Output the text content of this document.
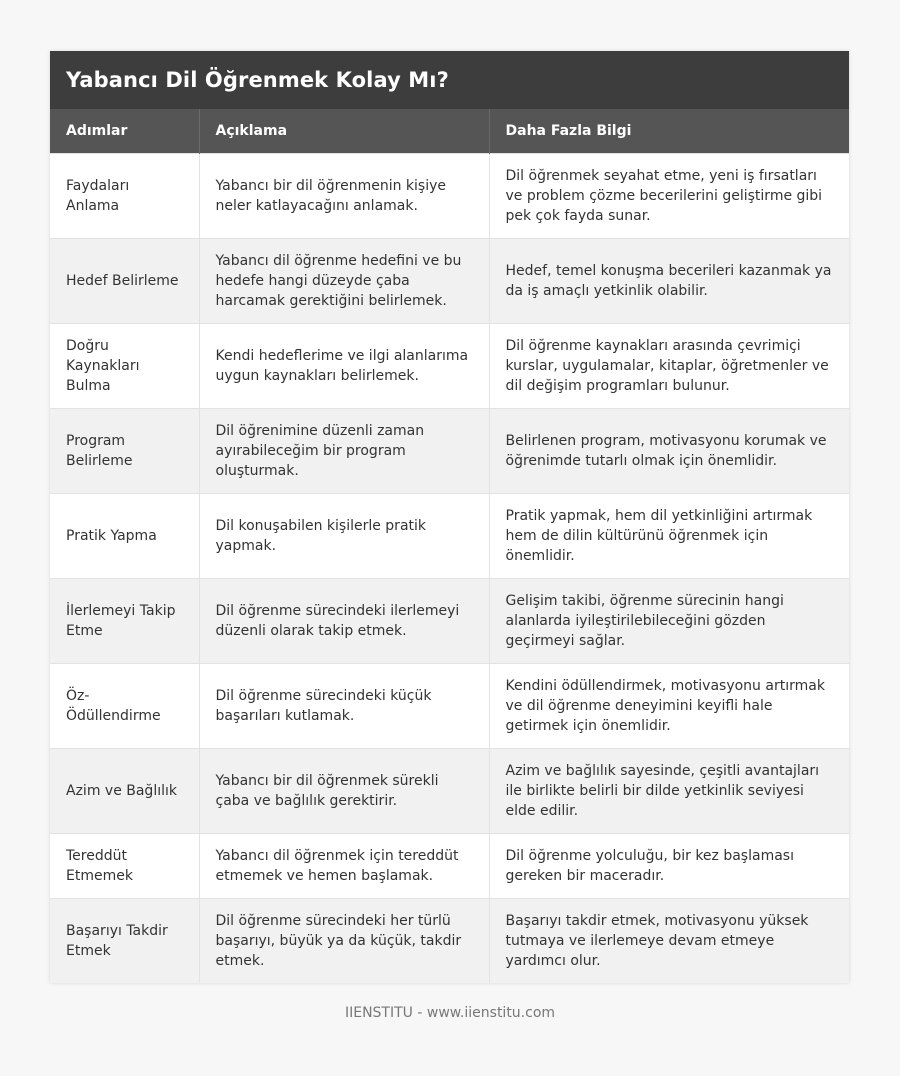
Yabancı Dil Öğrenmek Kolay Mı?
Adımlar	Açıklama	Daha Fazla Bilgi
Faydaları Anlama	Yabancı bir dil öğrenmenin kişiye neler katlayacağını anlamak.	Dil öğrenmek seyahat etme, yeni iş fırsatları ve problem çözme becerilerini geliştirme gibi pek çok fayda sunar.
Hedef Belirleme	Yabancı dil öğrenme hedefini ve bu hedefe hangi düzeyde çaba harcamak gerektiğini belirlemek.	Hedef, temel konuşma becerileri kazanmak ya da iş amaçlı yetkinlik olabilir.
Doğru Kaynakları Bulma	Kendi hedeflerime ve ilgi alanlarıma uygun kaynakları belirlemek.	Dil öğrenme kaynakları arasında çevrimiçi kurslar, uygulamalar, kitaplar, öğretmenler ve dil değişim programları bulunur.
Program Belirleme	Dil öğrenimine düzenli zaman ayırabileceğim bir program oluşturmak.	Belirlenen program, motivasyonu korumak ve öğrenimde tutarlı olmak için önemlidir.
Pratik Yapma	Dil konuşabilen kişilerle pratik yapmak.	Pratik yapmak, hem dil yetkinliğini artırmak hem de dilin kültürünü öğrenmek için önemlidir.
İlerlemeyi Takip Etme	Dil öğrenme sürecindeki ilerlemeyi düzenli olarak takip etmek.	Gelişim takibi, öğrenme sürecinin hangi alanlarda iyileştirilebileceğini gözden geçirmeyi sağlar.
Öz-Ödüllendirme	Dil öğrenme sürecindeki küçük başarıları kutlamak.	Kendini ödüllendirmek, motivasyonu artırmak ve dil öğrenme deneyimini keyifli hale getirmek için önemlidir.
Azim ve Bağlılık	Yabancı bir dil öğrenmek sürekli çaba ve bağlılık gerektirir.	Azim ve bağlılık sayesinde, çeşitli avantajları ile birlikte belirli bir dilde yetkinlik seviyesi elde edilir.
Tereddüt Etmemek	Yabancı dil öğrenmek için tereddüt etmemek ve hemen başlamak.	Dil öğrenme yolculuğu, bir kez başlaması gereken bir maceradır.
Başarıyı Takdir Etmek	Dil öğrenme sürecindeki her türlü başarıyı, büyük ya da küçük, takdir etmek.	Başarıyı takdir etmek, motivasyonu yüksek tutmaya ve ilerlemeye devam etmeye yardımcı olur.
IIENSTITU - www.iienstitu.com
